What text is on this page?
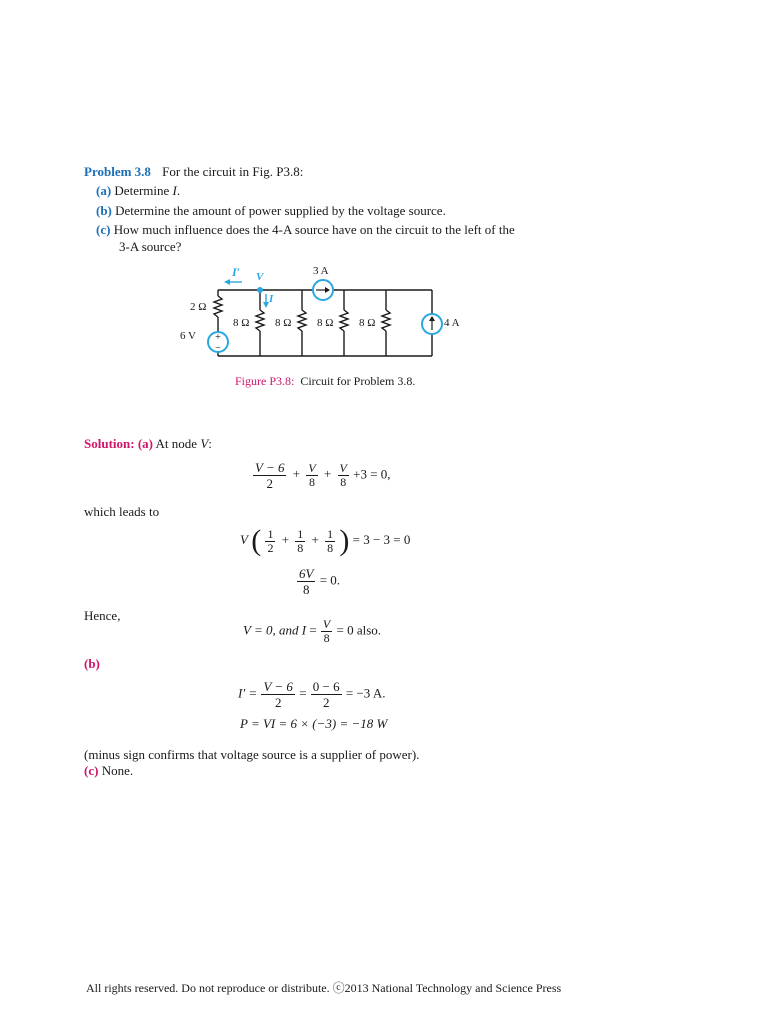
Problem 3.8 For the circuit in Fig. P3.8:
(a) Determine I.
(b) Determine the amount of power supplied by the voltage source.
(c) How much influence does the 4-A source have on the circuit to the left of the
3-A source?
+
−
I′ V
I
3 A
2 Ω
8 Ω 8 Ω 8 Ω 8 Ω
6 V
4 A
Figure P3.8: Circuit for Problem 3.8.
Solution: (a) At node V:
$\frac{V - 6}{2} + \frac{V}{8} + \frac{V}{8} +3 = 0$,
which leads to
V ( $\frac{1}{2} + \frac{1}{8} + \frac{1}{8}$ ) = 3 − 3 = 0
$\frac{6V}{8} = 0$.
Hence,
V = 0, and $I = \frac{V}{8} = 0$ also.
(b)
$I' = \frac{V - 6}{2} = \frac{0 - 6}{2} = -3$ A.
P = VI = 6 × (−3) = −18 W
(minus sign confirms that voltage source is a supplier of power).
(c) None.
All rights reserved. Do not reproduce or distribute. ⓒ2013 National Technology and Science Press
